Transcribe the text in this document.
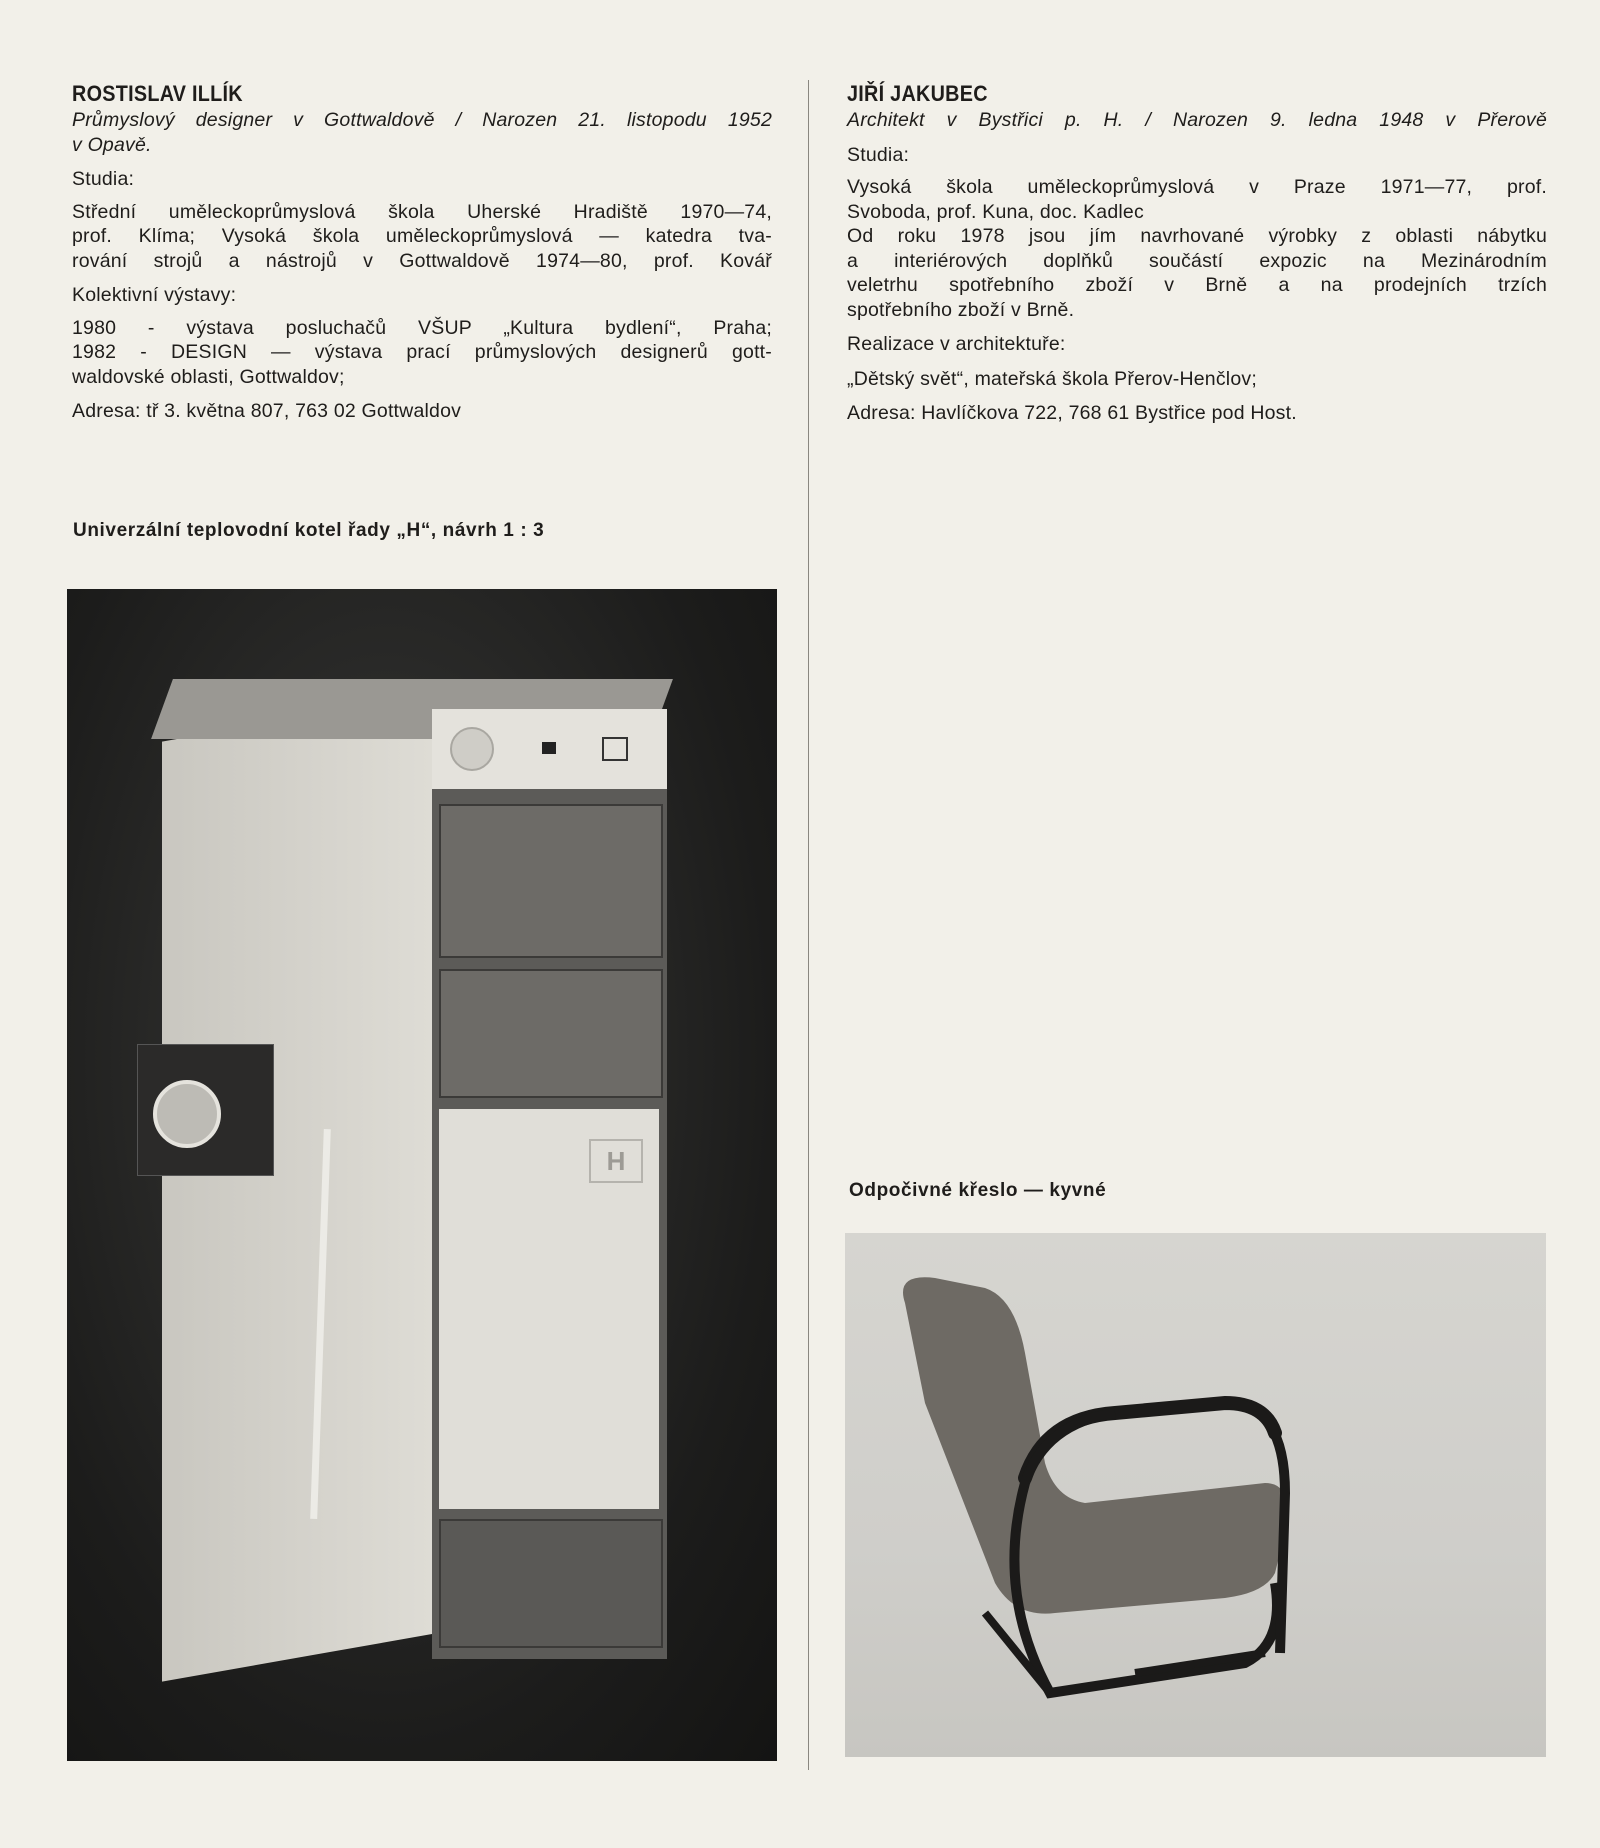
ROSTISLAV ILLÍK
Průmyslový designer v Gottwaldově / Narozen 21. listopodu 1952
v Opavě.
Studia:
Střední uměleckoprůmyslová škola Uherské Hradiště 1970—74,
prof. Klíma; Vysoká škola uměleckoprůmyslová — katedra tva-
rování strojů a nástrojů v Gottwaldově 1974—80, prof. Kovář
Kolektivní výstavy:
1980 - výstava posluchačů VŠUP „Kultura bydlení“, Praha;
1982 - DESIGN — výstava prací průmyslových designerů gott-
waldovské oblasti, Gottwaldov;
Adresa: tř 3. května 807, 763 02 Gottwaldov
JIŘÍ JAKUBEC
Architekt v Bystřici p. H. / Narozen 9. ledna 1948 v Přerově
Studia:
Vysoká škola uměleckoprůmyslová v Praze 1971—77, prof.
Svoboda, prof. Kuna, doc. Kadlec
Od roku 1978 jsou jím navrhované výrobky z oblasti nábytku
a interiérových doplňků součástí expozic na Mezinárodním
veletrhu spotřebního zboží v Brně a na prodejních trzích
spotřebního zboží v Brně.
Realizace v architektuře:
„Dětský svět“, mateřská škola Přerov-Henčlov;
Adresa: Havlíčkova 722, 768 61 Bystřice pod Host.
Univerzální teplovodní kotel řady „H“, návrh 1 : 3
Odpočivné křeslo — kyvné
H
